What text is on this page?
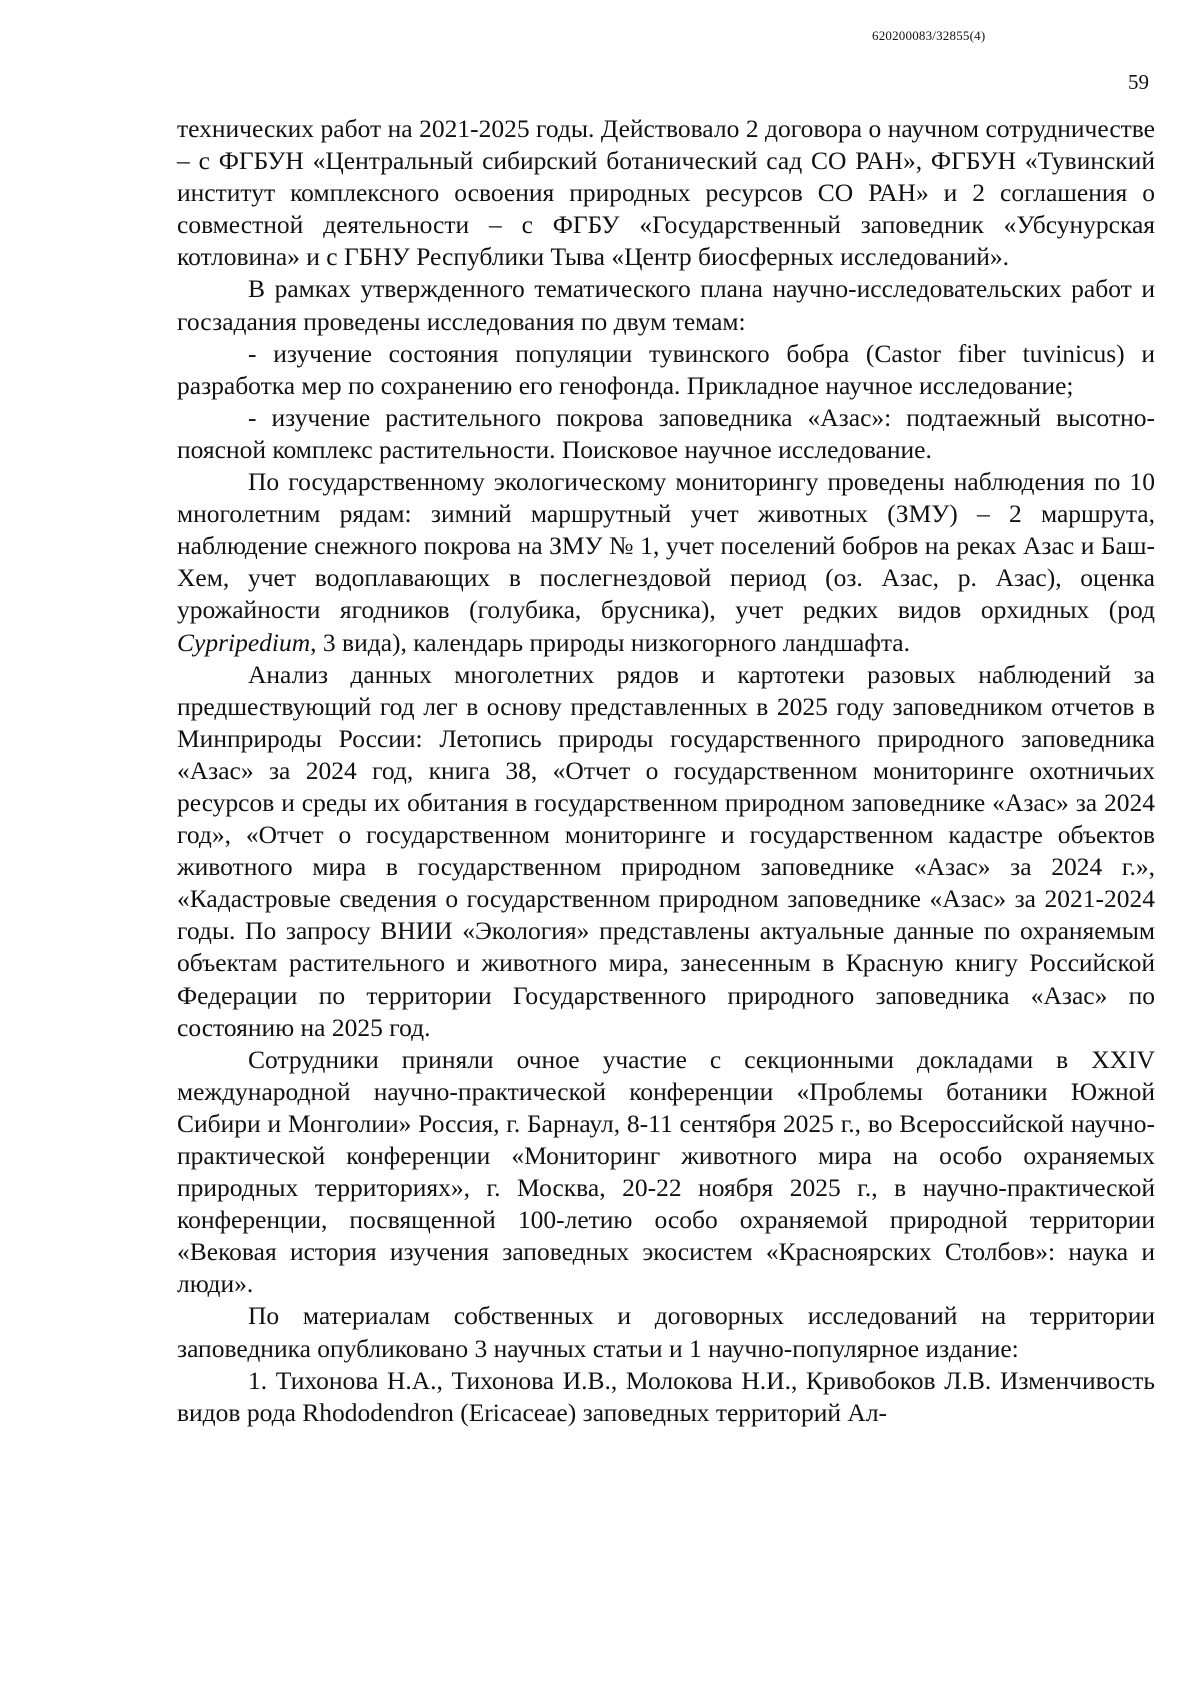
620200083/32855(4)
59

технических работ на 2021-2025 годы. Действовало 2 договора о научном сотрудничестве – с ФГБУН «Центральный сибирский ботанический сад СО РАН», ФГБУН «Тувинский институт комплексного освоения природных ресурсов СО РАН» и 2 соглашения о совместной деятельности – с ФГБУ «Государственный заповедник «Убсунурская котловина» и с ГБНУ Республики Тыва «Центр биосферных исследований».

В рамках утвержденного тематического плана научно-исследовательских работ и госзадания проведены исследования по двум темам:

- изучение состояния популяции тувинского бобра (Castor fiber tuvinicus) и разработка мер по сохранению его генофонда. Прикладное научное исследование;

- изучение растительного покрова заповедника «Азас»: подтаежный высотно-поясной комплекс растительности. Поисковое научное исследование.

По государственному экологическому мониторингу проведены наблюдения по 10 многолетним рядам: зимний маршрутный учет животных (ЗМУ) – 2 маршрута, наблюдение снежного покрова на ЗМУ № 1, учет поселений бобров на реках Азас и Баш-Хем, учет водоплавающих в послегнездовой период (оз. Азас, р. Азас), оценка урожайности ягодников (голубика, брусника), учет редких видов орхидных (род Cypripedium, 3 вида), календарь природы низкогорного ландшафта.

Анализ данных многолетних рядов и картотеки разовых наблюдений за предшествующий год лег в основу представленных в 2025 году заповедником отчетов в Минприроды России: Летопись природы государственного природного заповедника «Азас» за 2024 год, книга 38, «Отчет о государственном мониторинге охотничьих ресурсов и среды их обитания в государственном природном заповеднике «Азас» за 2024 год», «Отчет о государственном мониторинге и государственном кадастре объектов животного мира в государственном природном заповеднике «Азас» за 2024 г.», «Кадастровые сведения о государственном природном заповеднике «Азас» за 2021-2024 годы. По запросу ВНИИ «Экология» представлены актуальные данные по охраняемым объектам растительного и животного мира, занесенным в Красную книгу Российской Федерации по территории Государственного природного заповедника «Азас» по состоянию на 2025 год.

Сотрудники приняли очное участие с секционными докладами в XXIV международной научно-практической конференции «Проблемы ботаники Южной Сибири и Монголии» Россия, г. Барнаул, 8-11 сентября 2025 г., во Всероссийской научно-практической конференции «Мониторинг животного мира на особо охраняемых природных территориях», г. Москва, 20-22 ноября 2025 г., в научно-практической конференции, посвященной 100-летию особо охраняемой природной территории «Вековая история изучения заповедных экосистем «Красноярских Столбов»: наука и люди».

По материалам собственных и договорных исследований на территории заповедника опубликовано 3 научных статьи и 1 научно-популярное издание:

1. Тихонова Н.А., Тихонова И.В., Молокова Н.И., Кривобоков Л.В. Изменчивость видов рода Rhododendron (Ericaceae) заповедных территорий Ал-
